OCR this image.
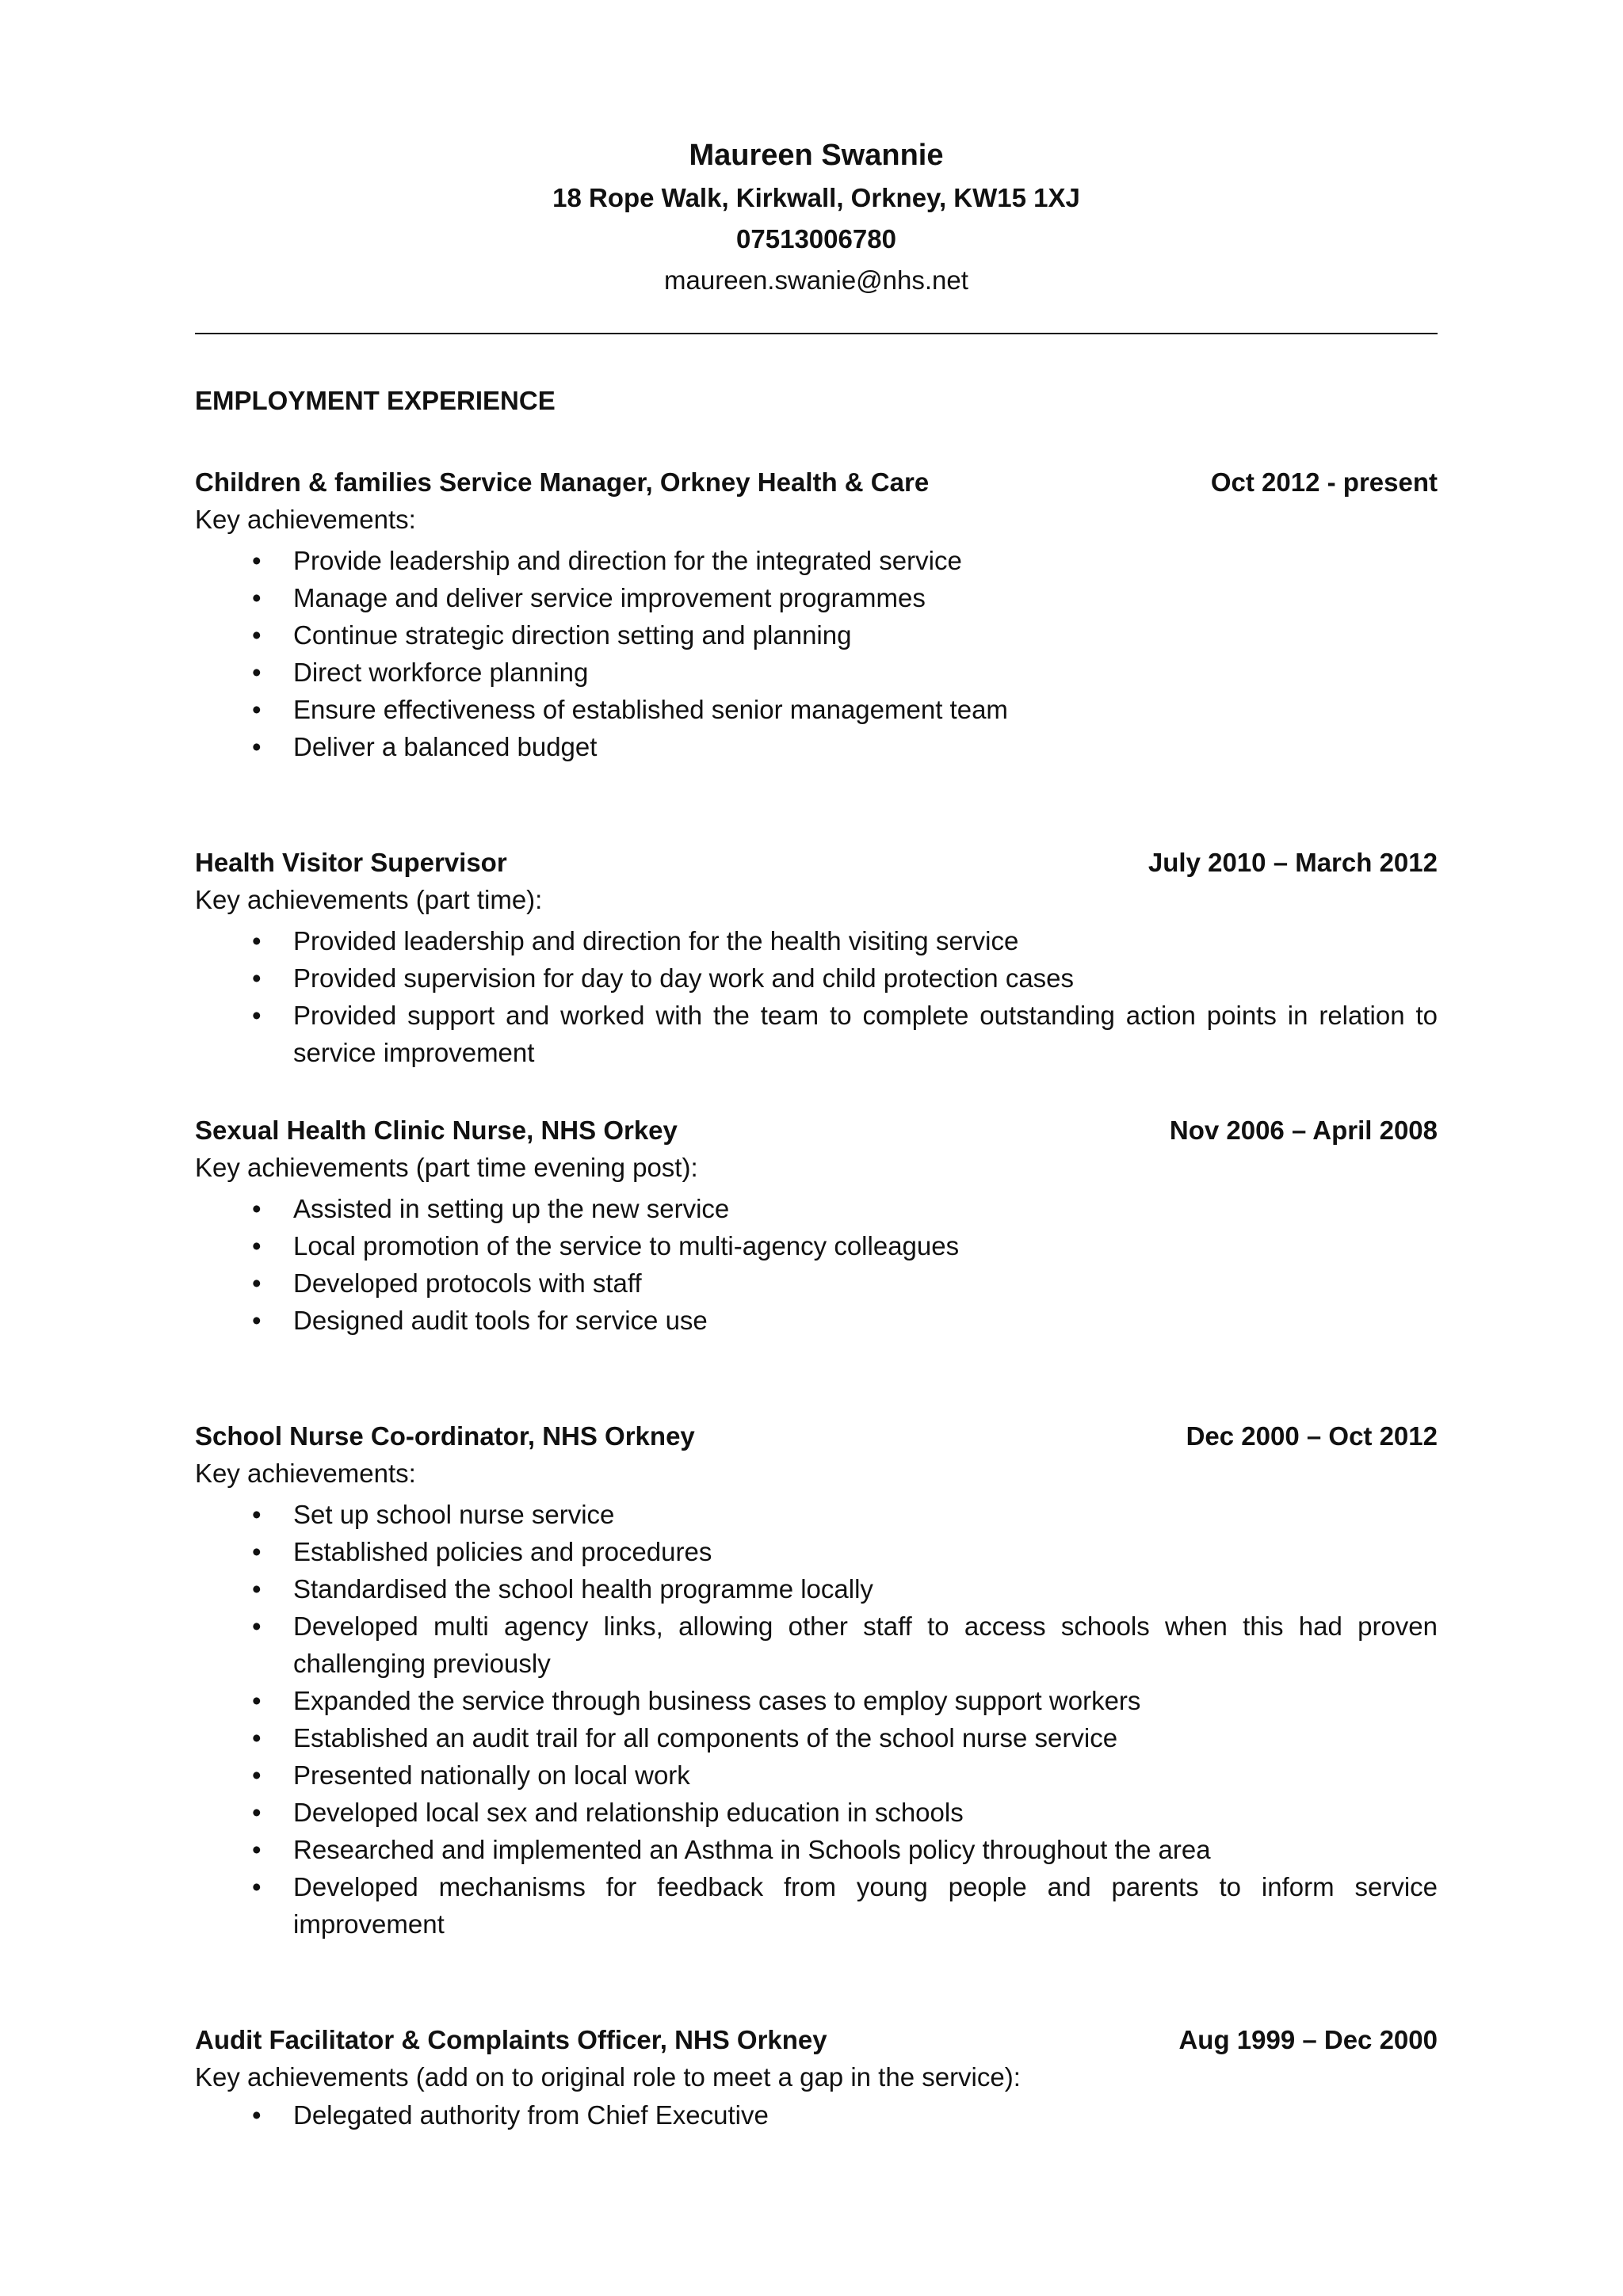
Maureen Swannie
18 Rope Walk, Kirkwall, Orkney, KW15 1XJ
07513006780
maureen.swanie@nhs.net
EMPLOYMENT EXPERIENCE
Children & families Service Manager, Orkney Health & Care	Oct 2012 - present
Key achievements:
• Provide leadership and direction for the integrated service
• Manage and deliver service improvement programmes
• Continue strategic direction setting and planning
• Direct workforce planning
• Ensure effectiveness of established senior management team
• Deliver a balanced budget
Health Visitor Supervisor	July 2010 – March 2012
Key achievements (part time):
• Provided leadership and direction for the health visiting service
• Provided supervision for day to day work and child protection cases
• Provided support and worked with the team to complete outstanding action points in relation to service improvement
Sexual Health Clinic Nurse, NHS Orkey	Nov 2006 – April 2008
Key achievements (part time evening post):
• Assisted in setting up the new service
• Local promotion of the service to multi-agency colleagues
• Developed protocols with staff
• Designed audit tools for service use
School Nurse Co-ordinator, NHS Orkney	Dec 2000 – Oct 2012
Key achievements:
• Set up school nurse service
• Established policies and procedures
• Standardised the school health programme locally
• Developed multi agency links, allowing other staff to access schools when this had proven challenging previously
• Expanded the service through business cases to employ support workers
• Established an audit trail for all components of the school nurse service
• Presented nationally on local work
• Developed local sex and relationship education in schools
• Researched and implemented an Asthma in Schools policy throughout the area
• Developed mechanisms for feedback from young people and parents to inform service improvement
Audit Facilitator & Complaints Officer, NHS Orkney	Aug 1999 – Dec 2000
Key achievements (add on to original role to meet a gap in the service):
• Delegated authority from Chief Executive
